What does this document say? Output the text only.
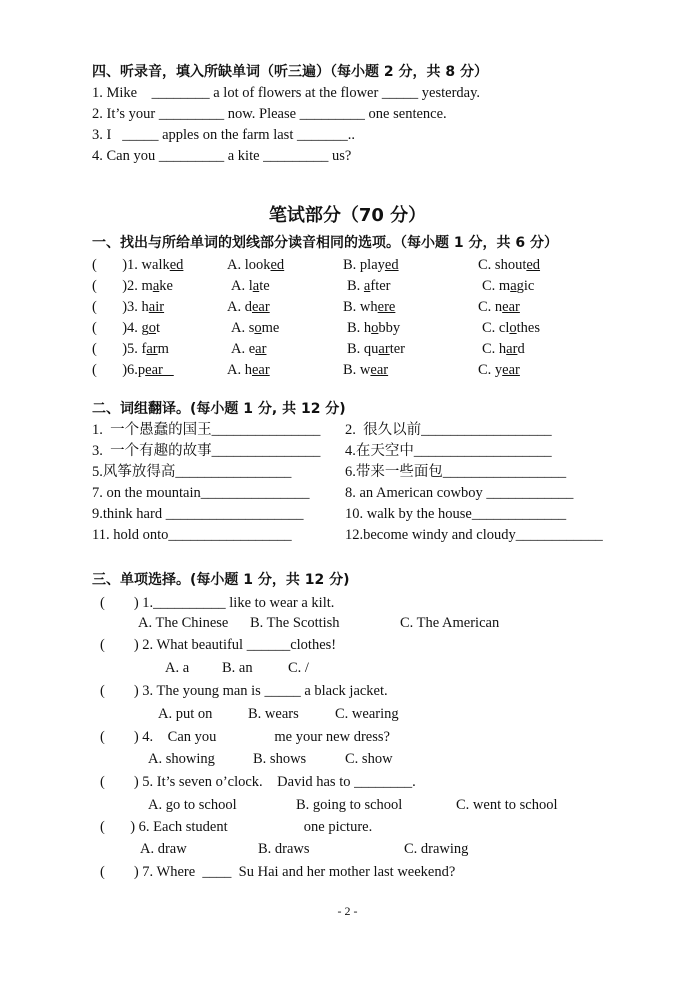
四、听录音，填入所缺单词（听三遍）（每小题 2 分，共 8 分）
1. Mike    ________ a lot of flowers at the flower _____ yesterday.
2. It’s your _________ now. Please _________ one sentence.
3. I   _____ apples on the farm last _______..
4. Can you _________ a kite _________ us?
笔试部分（70 分）
一、找出与所给单词的划线部分读音相同的选项。（每小题 1 分，共 6 分）
二、词组翻译。(每小题 1 分, 共 12 分)
三、单项选择。(每小题 1 分，共 12 分)
- 2 -
(       )1. walked	A. looked	B. played	C. shouted
(       )2. make	A. late	B. after	C. magic
(       )3. hair	A. dear	B. where	C. near
(       )4. got	A. some	B. hobby	C. clothes
(       )5. farm	A. ear	B. quarter	C. hard
(       )6.pear	A. hear	B. wear	C. year
1.  一个愚蠢的国王_______________ 2.  很久以前__________________
3.  一个有趣的故事_______________ 4.在天空中___________________
5.风筝放得高________________	6.带来一些面包_________________
7. on the mountain_______________ 8. an American cowboy ____________
9.think hard ___________________	10. walk by the house_____________
11. hold onto_________________	12.become windy and cloudy____________
(        ) 1.__________ like to wear a kilt.
A. The Chinese B. The Scottish	C. The American
(        ) 2. What beautiful ______clothes!
A. a B. an C. /
(        ) 3. The young man is _____ a black jacket.
A. put on B. wears	C. wearing
(        ) 4.    Can you                me your new dress?
A. showing	B. shows	C. show
(        ) 5. It’s seven o’clock.    David has to ________.
A. go to school	B. going to school	C. went to school
(       ) 6. Each student                     one picture.
A. draw	B. draws	C. drawing
(        ) 7. Where  ____  Su Hai and her mother last weekend?
